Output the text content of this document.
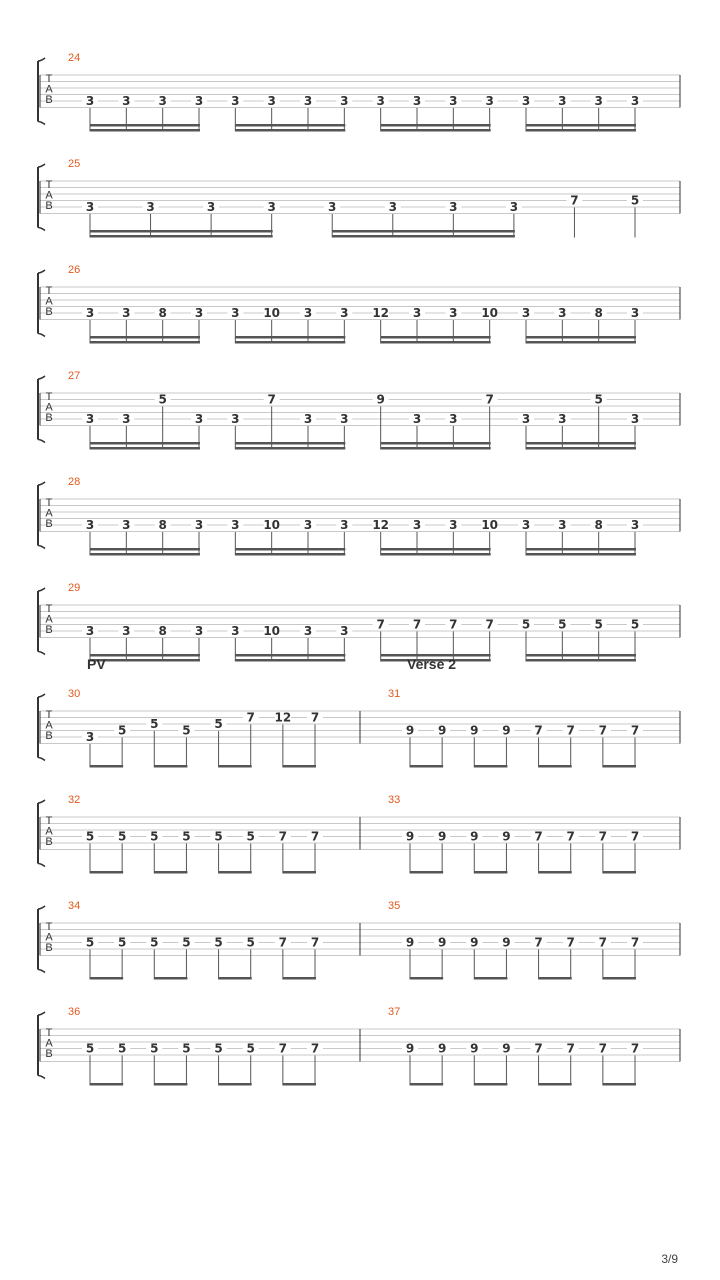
T
A
B
24
3 3 3 3 3 3 3 3 3 3 3 3 3 3 3 3
T
A
B
25
3	3	3	3	3	3	3	3	7	5
T
A
B
26
3 3 8 3 3 10 3 3 12 3 3 10 3 3 8 3
T
A
B
27
3 3
5
3 3
7
3 3
9
3 3
7
3 3
5
3
T
A
B
28
3 3 8 3 3 10 3 3 12 3 3 10 3 3 8 3
T
A
B
29
3 3 8 3 3 10 3 3 7 7 7 7 5 5 5 5
T
A
B
30
PV
3 5 5 5 5 7 12 7
31
Verse 2
9 9 9 9 7 7 7 7
T
A
B
32
5 5 5 5 5 5 7 7
33
9 9 9 9 7 7 7 7
T
A
B
34
5 5 5 5 5 5 7 7
35
9 9 9 9 7 7 7 7
T
A
B
36
5 5 5 5 5 5 7 7
37
9 9 9 9 7 7 7 7
3/9
